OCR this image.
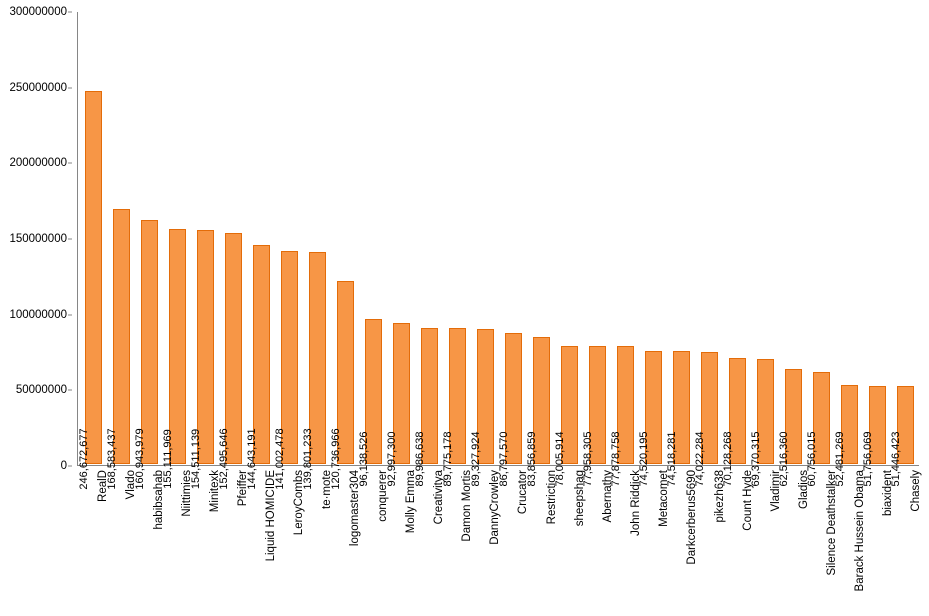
0
50000000
100000000
150000000
200000000
250000000
300000000
246,672,677 168,583,437 160,943,979 155,111,969 154,511,139 152,495,646 144,643,191 141,002,478 139,801,233 120,736,966 96,138,526 92,997,300 89,986,638 89,775,178 89,327,924 86,797,570 83,856,859 78,005,914 77,958,305 77,878,758 74,520,195 74,518,281 74,022,284 70,128,268 69,370,315 62,516,360 60,756,015 52,481,269 51,756,069 51,446,423
RealD Vlado habibsahab Niittimies Minitexk Pfeiffer Liquid HOMICIDE LeroyCombs te·mote logomaster304 conquerer Molly Emma Creativitya Damon Mortis DannyCrowley Crucator Restriction sheepshag Abernathy John Riddick Metacomet Darkcerberus5690 pikezh638 Count Hyde Vladimir Gladios Silence Deathstalker Barack Hussein Obama biaxident Chasely
